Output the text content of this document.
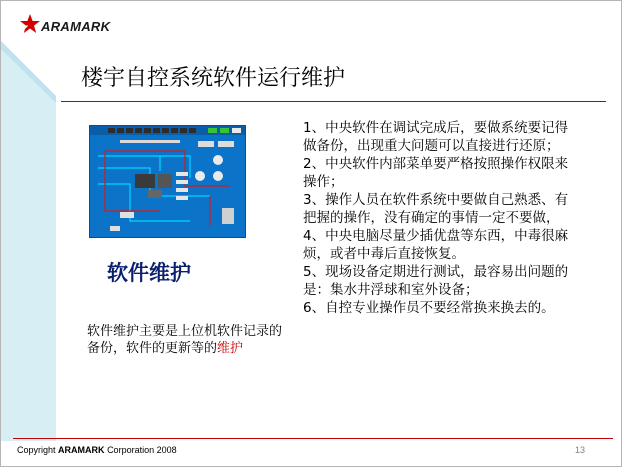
ARAMARK
楼宇自控系统软件运行维护
软件维护
软件维护主要是上位机软件记录的备份，软件的更新等的维护

1、中央软件在调试完成后，要做系统要记得做备份，出现重大问题可以直接进行还原；

2、中央软件内部菜单要严格按照操作权限来操作；

3、操作人员在软件系统中要做自己熟悉、有把握的操作，没有确定的事情一定不要做，

4、中央电脑尽量少插优盘等东西，中毒很麻烦，或者中毒后直接恢复。

5、现场设备定期进行测试，最容易出问题的是：集水井浮球和室外设备；

6、自控专业操作员不要经常换来换去的。

Copyright ARAMARK Corporation 2008	13
